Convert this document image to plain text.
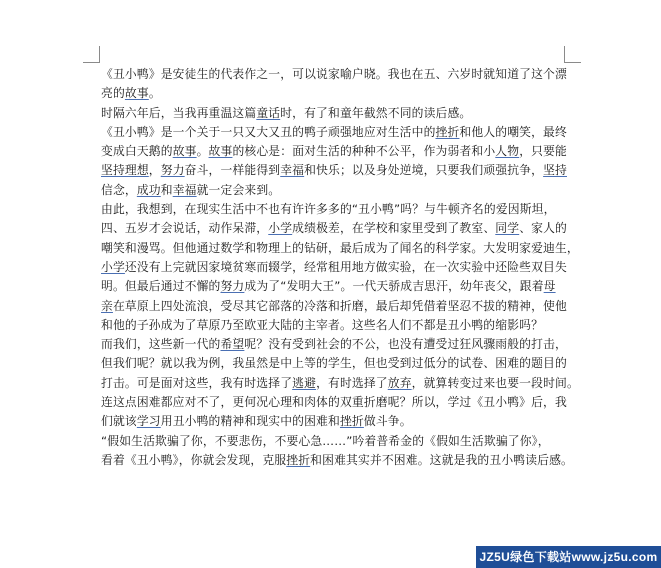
《丑小鸭》是安徒生的代表作之一，可以说家喻户晓。我也在五、六岁时就知道了这个漂
亮的故事。
时隔六年后，当我再重温这篇童话时，有了和童年截然不同的读后感。
《丑小鸭》是一个关于一只又大又丑的鸭子顽强地应对生活中的挫折和他人的嘲笑，最终
变成白天鹅的故事。故事的核心是：面对生活的种种不公平，作为弱者和小人物，只要能
坚持理想，努力奋斗，一样能得到幸福和快乐；以及身处逆境，只要我们顽强抗争，坚持
信念，成功和幸福就一定会来到。
由此，我想到，在现实生活中不也有许许多多的“丑小鸭”吗？与牛顿齐名的爱因斯坦，
四、五岁才会说话，动作呆滞，小学成绩极差，在学校和家里受到了教室、同学、家人的
嘲笑和漫骂。但他通过数学和物理上的钻研，最后成为了闻名的科学家。大发明家爱迪生，
小学还没有上完就因家境贫寒而辍学，经常租用地方做实验，在一次实验中还险些双目失
明。但最后通过不懈的努力成为了“发明大王”。一代天骄成吉思汗，幼年丧父，跟着母
亲在草原上四处流浪，受尽其它部落的冷落和折磨，最后却凭借着坚忍不拔的精神，使他
和他的子孙成为了草原乃至欧亚大陆的主宰者。这些名人们不都是丑小鸭的缩影吗？
而我们，这些新一代的希望呢？没有受到社会的不公，也没有遭受过狂风骤雨般的打击，
但我们呢？就以我为例，我虽然是中上等的学生，但也受到过低分的试卷、困难的题目的
打击。可是面对这些，我有时选择了逃避，有时选择了放弃，就算转变过来也要一段时间。
连这点困难都应对不了，更何况心理和肉体的双重折磨呢？所以，学过《丑小鸭》后，我
们就该学习用丑小鸭的精神和现实中的困难和挫折做斗争。
“假如生活欺骗了你，不要悲伤，不要心急……”吟着普希金的《假如生活欺骗了你》，
看着《丑小鸭》，你就会发现，克服挫折和困难其实并不困难。这就是我的丑小鸭读后感。
JZ5U绿色下载站www.jz5u.com
